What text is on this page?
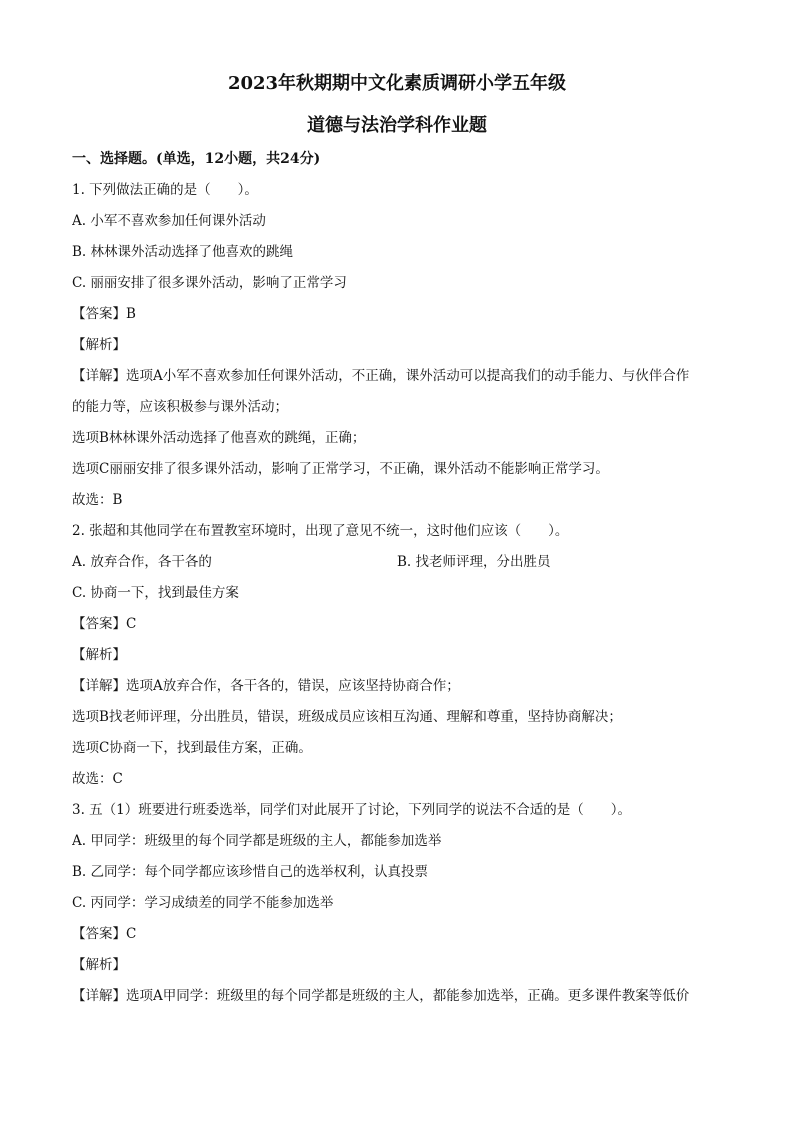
2023年秋期期中文化素质调研小学五年级
道德与法治学科作业题
一、选择题。(单选，12小题，共24分)
1. 下列做法正确的是（　　）。
A. 小军不喜欢参加任何课外活动
B. 林林课外活动选择了他喜欢的跳绳
C. 丽丽安排了很多课外活动，影响了正常学习
【答案】B
【解析】
【详解】选项A小军不喜欢参加任何课外活动，不正确，课外活动可以提高我们的动手能力、与伙伴合作
的能力等，应该积极参与课外活动；
选项B林林课外活动选择了他喜欢的跳绳，正确；
选项C丽丽安排了很多课外活动，影响了正常学习，不正确，课外活动不能影响正常学习。
故选：B
2. 张超和其他同学在布置教室环境时，出现了意见不统一，这时他们应该（　　）。
A. 放弃合作，各干各的	B. 找老师评理，分出胜员
C. 协商一下，找到最佳方案
【答案】C
【解析】
【详解】选项A放弃合作，各干各的，错误，应该坚持协商合作；
选项B找老师评理，分出胜员，错误，班级成员应该相互沟通、理解和尊重，坚持协商解决；
选项C协商一下，找到最佳方案，正确。
故选：C
3. 五（1）班要进行班委选举，同学们对此展开了讨论，下列同学的说法不合适的是（　　）。
A. 甲同学：班级里的每个同学都是班级的主人，都能参加选举
B. 乙同学：每个同学都应该珍惜自己的选举权利，认真投票
C. 丙同学：学习成绩差的同学不能参加选举
【答案】C
【解析】
【详解】选项A甲同学：班级里的每个同学都是班级的主人，都能参加选举，正确。更多课件教案等低价
